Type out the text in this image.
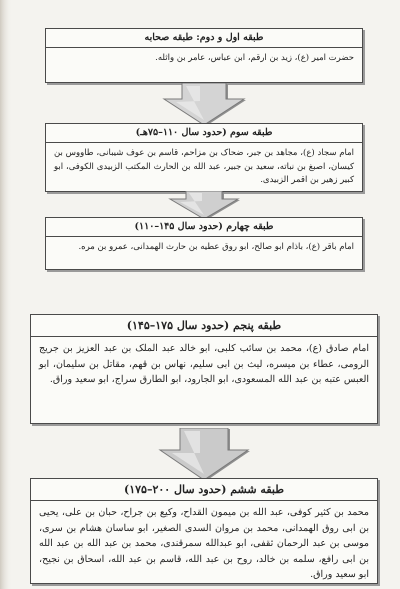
طبقه اول و دوم: طبقه صحابه
حضرت امیر (ع)، زید بن ارقم، ابن عباس، عامر بن واثله.
طبقه سوم (حدود سال ۱۱۰–۷۵هـ)
امام سجاد (ع)، مجاهد بن جبر، ضحاک بن مزاحم، قاسم بن عوف شیبانی، طاووس بن کیسان، اصبغ بن نباته، سعید بن جبیر، عبد الله بن الحارث المکتب الزبیدی الکوفی، ابو کبیر زهیر بن اقمر الزبیدی.
طبقه چهارم (حدود سال ۱۴۵–۱۱۰)
امام باقر (ع)، باذام ابو صالح، ابو روق عطیه بن حارث الهمدانی، عمرو بن مره.
طبقه پنجم (حدود سال ۱۷۵–۱۴۵)
امام صادق (ع)، محمد بن سائب کلبی، ابو خالد عبد الملک بن عبد العزیز بن جریج الرومی، عطاء بن میسره، لیث بن ابی سلیم، نهاس بن قهم، مقاتل بن سلیمان، ابو العبس عتبه بن عبد الله المسعودی، ابو الجارود، ابو الطارق سراج، ابو سعید وراق.
طبقه ششم (حدود سال ۲۰۰–۱۷۵)
محمد بن کثیر کوفی، عبد الله بن میمون القداح، وکیع بن جراح، حبان بن علی، یحیی بن ابی روق الهمدانی، محمد بن مروان السدی الصغیر، ابو ساسان هشام بن سری، موسی بن عبد الرحمان ثقفی، ابو عبدالله سمرقندی، محمد بن عبد الله بن عبد الله بن ابی رافع، سلمه بن خالد، روح بن عبد الله، قاسم بن عبد الله، اسحاق بن نجیح، ابو سعید وراق.
